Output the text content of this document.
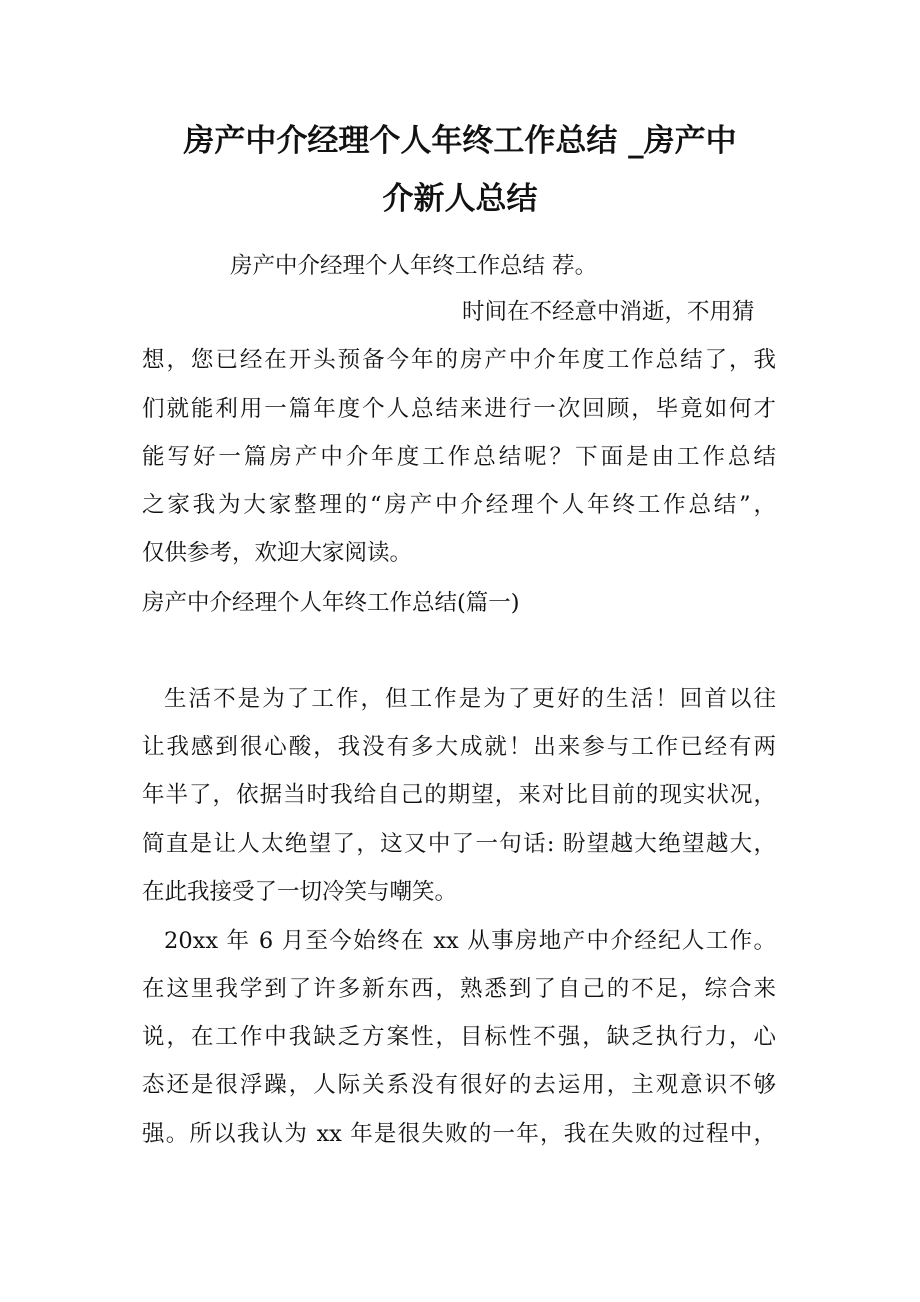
房产中介经理个人年终工作总结 _房产中
介新人总结
房产中介经理个人年终工作总结 荐。
时间在不经意中消逝，不用猜
想，您已经在开头预备今年的房产中介年度工作总结了，我
们就能利用一篇年度个人总结来进行一次回顾，毕竟如何才
能写好一篇房产中介年度工作总结呢？下面是由工作总结
之家我为大家整理的“房产中介经理个人年终工作总结”，
仅供参考，欢迎大家阅读。
房产中介经理个人年终工作总结(篇一)
生活不是为了工作，但工作是为了更好的生活！回首以往
让我感到很心酸，我没有多大成就！出来参与工作已经有两
年半了，依据当时我给自己的期望，来对比目前的现实状况，
简直是让人太绝望了，这又中了一句话: 盼望越大绝望越大，
在此我接受了一切冷笑与嘲笑。
20xx 年 6 月至今始终在 xx 从事房地产中介经纪人工作。
在这里我学到了许多新东西，熟悉到了自己的不足，综合来
说，在工作中我缺乏方案性，目标性不强，缺乏执行力，心
态还是很浮躁，人际关系没有很好的去运用，主观意识不够
强。所以我认为 xx 年是很失败的一年，我在失败的过程中，
